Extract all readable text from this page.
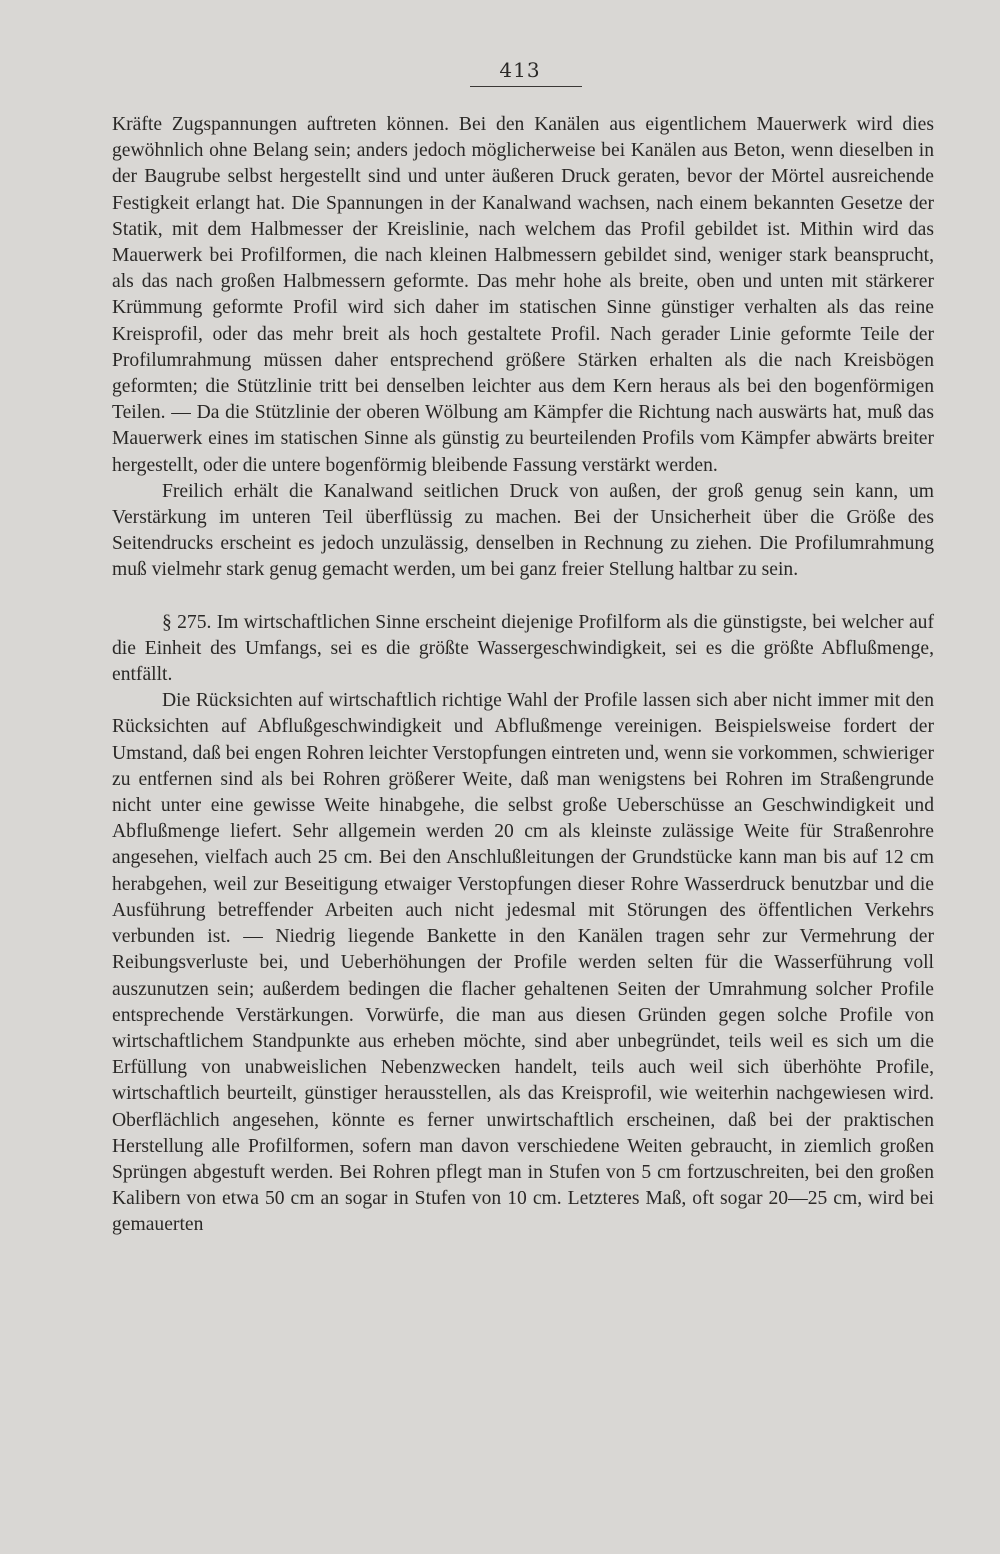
413

Kräfte Zugspannungen auftreten können. Bei den Kanälen aus eigentlichem Mauerwerk wird dies gewöhnlich ohne Belang sein; anders jedoch möglicherweise bei Kanälen aus Beton, wenn dieselben in der Baugrube selbst hergestellt sind und unter äußeren Druck geraten, bevor der Mörtel ausreichende Festigkeit erlangt hat. Die Spannungen in der Kanalwand wachsen, nach einem bekannten Gesetze der Statik, mit dem Halbmesser der Kreislinie, nach welchem das Profil gebildet ist. Mithin wird das Mauerwerk bei Profilformen, die nach kleinen Halbmessern gebildet sind, weniger stark beansprucht, als das nach großen Halbmessern geformte. Das mehr hohe als breite, oben und unten mit stärkerer Krümmung geformte Profil wird sich daher im statischen Sinne günstiger verhalten als das reine Kreisprofil, oder das mehr breit als hoch gestaltete Profil. Nach gerader Linie geformte Teile der Profilumrahmung müssen daher entsprechend größere Stärken erhalten als die nach Kreisbögen geformten; die Stützlinie tritt bei denselben leichter aus dem Kern heraus als bei den bogenförmigen Teilen. — Da die Stützlinie der oberen Wölbung am Kämpfer die Richtung nach auswärts hat, muß das Mauerwerk eines im statischen Sinne als günstig zu beurteilenden Profils vom Kämpfer abwärts breiter hergestellt, oder die untere bogenförmig bleibende Fassung verstärkt werden.

Freilich erhält die Kanalwand seitlichen Druck von außen, der groß genug sein kann, um Verstärkung im unteren Teil überflüssig zu machen. Bei der Unsicherheit über die Größe des Seitendrucks erscheint es jedoch unzulässig, denselben in Rechnung zu ziehen. Die Profilumrahmung muß vielmehr stark genug gemacht werden, um bei ganz freier Stellung haltbar zu sein.

§ 275. Im wirtschaftlichen Sinne erscheint diejenige Profilform als die günstigste, bei welcher auf die Einheit des Umfangs, sei es die größte Wassergeschwindigkeit, sei es die größte Abflußmenge, entfällt.

Die Rücksichten auf wirtschaftlich richtige Wahl der Profile lassen sich aber nicht immer mit den Rücksichten auf Abflußgeschwindigkeit und Abflußmenge vereinigen. Beispielsweise fordert der Umstand, daß bei engen Rohren leichter Verstopfungen eintreten und, wenn sie vorkommen, schwieriger zu entfernen sind als bei Rohren größerer Weite, daß man wenigstens bei Rohren im Straßengrunde nicht unter eine gewisse Weite hinabgehe, die selbst große Ueberschüsse an Geschwindigkeit und Abflußmenge liefert. Sehr allgemein werden 20 cm als kleinste zulässige Weite für Straßenrohre angesehen, vielfach auch 25 cm. Bei den Anschlußleitungen der Grundstücke kann man bis auf 12 cm herabgehen, weil zur Beseitigung etwaiger Verstopfungen dieser Rohre Wasserdruck benutzbar und die Ausführung betreffender Arbeiten auch nicht jedesmal mit Störungen des öffentlichen Verkehrs verbunden ist. — Niedrig liegende Bankette in den Kanälen tragen sehr zur Vermehrung der Reibungsverluste bei, und Ueberhöhungen der Profile werden selten für die Wasserführung voll auszunutzen sein; außerdem bedingen die flacher gehaltenen Seiten der Umrahmung solcher Profile entsprechende Verstärkungen. Vorwürfe, die man aus diesen Gründen gegen solche Profile von wirtschaftlichem Standpunkte aus erheben möchte, sind aber unbegründet, teils weil es sich um die Erfüllung von unabweislichen Nebenzwecken handelt, teils auch weil sich überhöhte Profile, wirtschaftlich beurteilt, günstiger herausstellen, als das Kreisprofil, wie weiterhin nachgewiesen wird. Oberflächlich angesehen, könnte es ferner unwirtschaftlich erscheinen, daß bei der praktischen Herstellung alle Profilformen, sofern man davon verschiedene Weiten gebraucht, in ziemlich großen Sprüngen abgestuft werden. Bei Rohren pflegt man in Stufen von 5 cm fortzuschreiten, bei den großen Kalibern von etwa 50 cm an sogar in Stufen von 10 cm. Letzteres Maß, oft sogar 20—25 cm, wird bei gemauerten
